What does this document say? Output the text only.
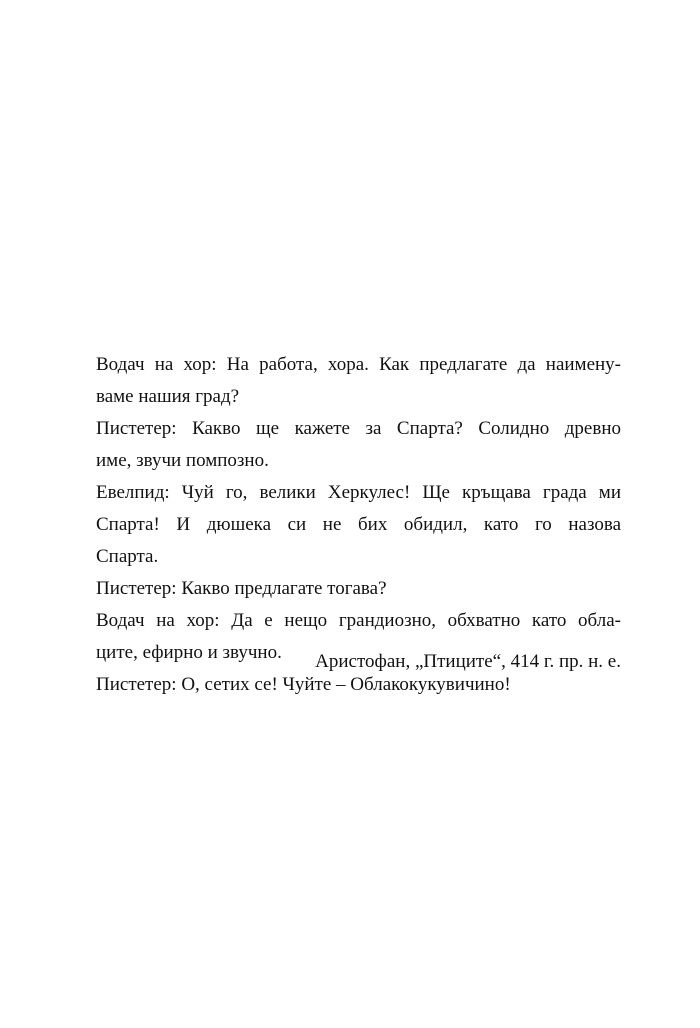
Водач на хор: На работа, хора. Как предлагате да наимену-
ваме нашия град?
Пистетер: Какво ще кажете за Спарта? Солидно древно
име, звучи помпозно.
Евелпид: Чуй го, велики Херкулес! Ще кръщава града ми
Спарта! И дюшека си не бих обидил, като го назова
Спарта.
Пистетер: Какво предлагате тогава?
Водач на хор: Да е нещо грандиозно, обхватно като обла-
ците, ефирно и звучно.
Пистетер: О, сетих се! Чуйте – Облакокукувичино!
Аристофан, „Птиците“, 414 г. пр. н. е.
